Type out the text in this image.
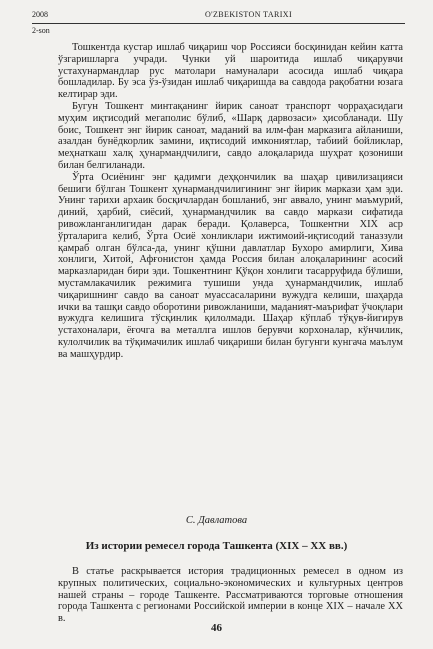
2008	O'ZBEKISTON TARIXI
2-son

Тошкентда кустар ишлаб чиқариш чор Россияси босқинидан кейин катта ўзгаришларга учради. Чунки уй шароитида ишлаб чиқарувчи устахунармандлар рус матолари намуналари асосида ишлаб чиқара бошладилар. Бу эса ўз-ўзидан ишлаб чиқаришда ва савдода рақобатни юзага келтирар эди.

Бугун Тошкент минтақанинг йирик саноат транспорт чорраҳасидаги муҳим иқтисодий мегаполис бўлиб, «Шарқ дарвозаси» ҳисобланади. Шу боис, Тошкент энг йирик саноат, маданий ва илм-фан марказига айланиши, азалдан бунёдкорлик замини, иқтисодий имкониятлар, табиий бойликлар, меҳнаткаш халқ ҳунармандчилиги, савдо алоқаларида шуҳрат қозониши билан белгиланади.

Ўрта Осиёнинг энг қадимги деҳқончилик ва шаҳар цивилизацияси бешиги бўлган Тошкент ҳунармандчилигининг энг йирик маркази ҳам эди. Унинг тарихи архаик босқичлардан бошланиб, энг аввало, унинг маъмурий, диний, ҳарбий, сиёсий, ҳунармандчилик ва савдо маркази сифатида ривожланганлигидан дарак беради. Қолаверса, Тошкентни XIX аср ўрталарига келиб, Ўрта Осиё хонликлари ижтимоий-иқтисодий таназзули қамраб олган бўлса-да, унинг қўшни давлатлар Бухоро амирлиги, Хива хонлиги, Хитой, Афғонистон ҳамда Россия билан алоқаларининг асосий марказларидан бири эди. Тошкентнинг Қўқон хонлиги тасарруфида бўлиши, мустамлакачилик режимига тушиши унда ҳунармандчилик, ишлаб чиқаришнинг савдо ва саноат муассасаларини вужудга келиши, шаҳарда ички ва ташқи савдо оборотини ривожланиши, маданият-маърифат ўчоқлари вужудга келишига тўсқинлик қилолмади. Шаҳар кўплаб тўқув-йигирув устахоналари, ёғочга ва металлга ишлов берувчи корхоналар, кўнчилик, кулолчилик ва тўқимачилик ишлаб чиқариши билан бугунги кунгача маълум ва машҳурдир.

С. Давлатова
Из истории ремесел города Ташкента (XIX – XX вв.)

В статье раскрывается история традиционных ремесел в одном из крупных политических, социально-экономических и культурных центров нашей страны – городе Ташкенте. Рассматриваются торговые отношения города Ташкента с регионами Российской империи в конце XIX – начале XX в.

46
